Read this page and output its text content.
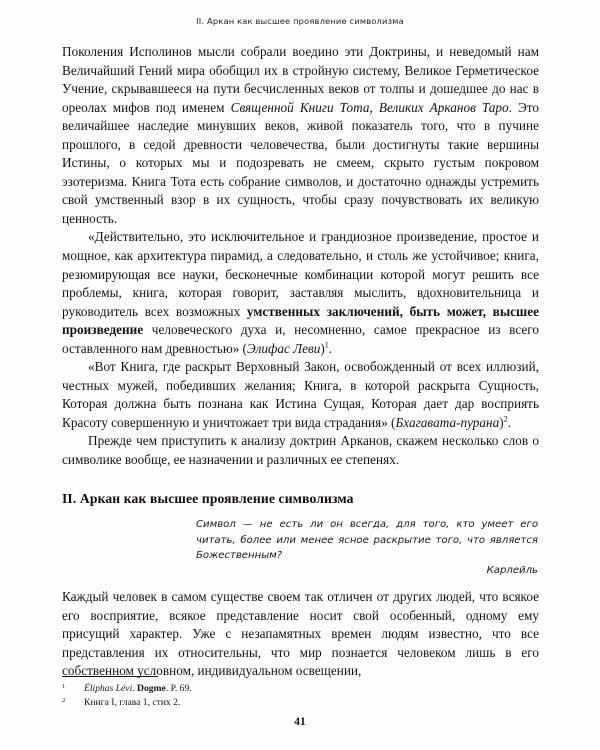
II. Аркан как высшее проявление символизма

Поколения Исполинов мысли собрали воедино эти Доктрины, и неведомый нам Величайший Гений мира обобщил их в стройную систему, Великое Герметическое Учение, скрывавшееся на пути бесчисленных веков от толпы и дошедшее до нас в ореолах мифов под именем Священной Книги Тота, Великих Арканов Таро. Это величайшее наследие минувших веков, живой показатель того, что в пучине прошлого, в седой древности человечества, были достигнуты такие вершины Истины, о которых мы и подозревать не смеем, скрыто густым покровом эзотеризма. Книга Тота есть собрание символов, и достаточно однажды устремить свой умственный взор в их сущность, чтобы сразу почувствовать их великую ценность.

«Действительно, это исключительное и грандиозное произведение, простое и мощное, как архитектура пирамид, а следовательно, и столь же устойчивое; книга, резюмирующая все науки, бесконечные комбинации которой могут решить все проблемы, книга, которая говорит, заставляя мыслить, вдохновительница и руководитель всех возможных умственных заключений, быть может, высшее произведение человеческого духа и, несомненно, самое прекрасное из всего оставленного нам древностью» (Элифас Леви)$^1$.

«Вот Книга, где раскрыт Верховный Закон, освобожденный от всех иллюзий, честных мужей, победивших желания; Книга, в которой раскрыта Сущность, Которая должна быть познана как Истина Сущая, Которая дает дар восприять Красоту совершенную и уничтожает три вида страдания» (Бхагавата-пурана)$^2$.

Прежде чем приступить к анализу доктрин Арканов, скажем несколько слов о символике вообще, ее назначении и различных ее степенях.

II. Аркан как высшее проявление символизма
Символ — не есть ли он всегда, для того, кто умеет его читать, более или менее ясное раскрытие того, что является Божественным?
Карлейль

Каждый человек в самом существе своем так отличен от других людей, что всякое его восприятие, всякое представление носит свой особенный, одному ему присущий характер. Уже с незапамятных времен людям известно, что все представления их относительны, что мир познается человеком лишь в его собственном условном, индивидуальном освещении,

1 Éliphas Lévi. Dogme. P. 69.
2 Книга I, глава 1, стих 2.
41
